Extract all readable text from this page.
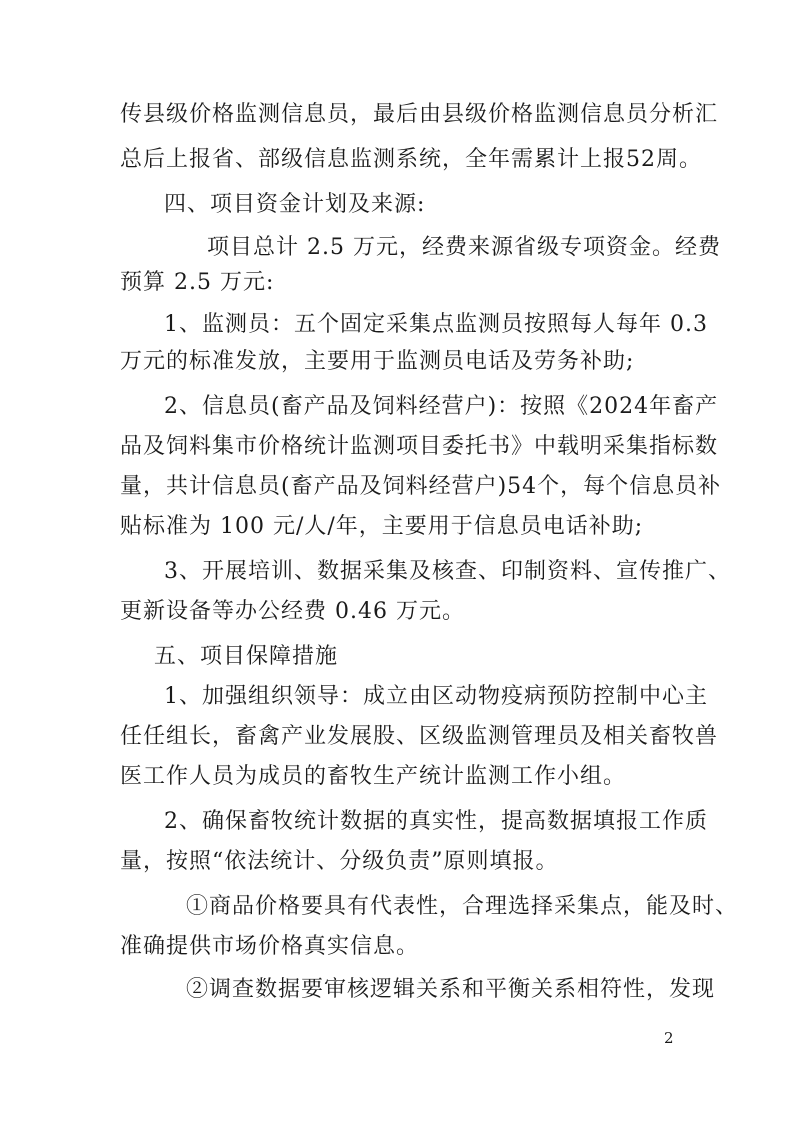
传县级价格监测信息员，最后由县级价格监测信息员分析汇
总后上报省、部级信息监测系统，全年需累计上报52周。
四、项目资金计划及来源:
项目总计 2.5 万元，经费来源省级专项资金。经费
预算 2.5 万元:
1、监测员：五个固定采集点监测员按照每人每年 0.3
万元的标准发放，主要用于监测员电话及劳务补助;
2、信息员(畜产品及饲料经营户)：按照《2024年畜产
品及饲料集市价格统计监测项目委托书》中载明采集指标数
量，共计信息员(畜产品及饲料经营户)54个，每个信息员补
贴标准为 100 元/人/年，主要用于信息员电话补助;
3、开展培训、数据采集及核查、印制资料、宣传推广、
更新设备等办公经费 0.46 万元。
五、项目保障措施
1、加强组织领导：成立由区动物疫病预防控制中心主
任任组长，畜禽产业发展股、区级监测管理员及相关畜牧兽
医工作人员为成员的畜牧生产统计监测工作小组。
2、确保畜牧统计数据的真实性，提高数据填报工作质
量，按照“依法统计、分级负责”原则填报。
①商品价格要具有代表性，合理选择采集点，能及时、
准确提供市场价格真实信息。
②调查数据要审核逻辑关系和平衡关系相符性，发现
2
